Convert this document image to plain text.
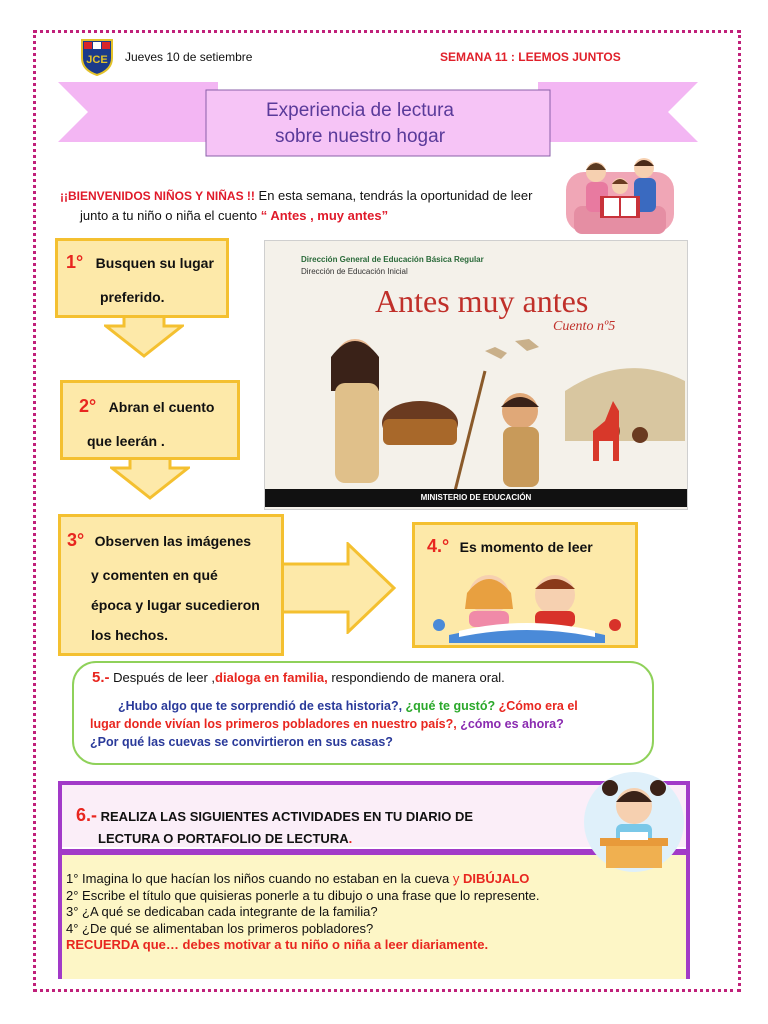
JCE Jueves 10 de setiembre	SEMANA 11 : LEEMOS JUNTOS
Experiencia de lectura
sobre nuestro hogar
¡¡BIENVENIDOS NIÑOS Y NIÑAS !! En esta semana, tendrás la oportunidad de leer
junto a tu niño o niña el cuento “ Antes , muy antes”
1° Busquen su lugar
preferido.
2° Abran el cuento
que leerán .
Dirección General de Educación Básica Regular
Dirección de Educación Inicial
Antes muy antes
Cuento nº5
MINISTERIO DE EDUCACIÓN
3° Observen las imágenes
y comenten en qué
época y lugar sucedieron
los hechos.
4.° Es momento de leer
5.- Después de leer ,dialoga en familia, respondiendo de manera oral.
¿Hubo algo que te sorprendió de esta historia?, ¿qué te gustó? ¿Cómo era el
lugar donde vivían los primeros pobladores en nuestro país?, ¿cómo es ahora?
¿Por qué las cuevas se convirtieron en sus casas?
6.- REALIZA LAS SIGUIENTES ACTIVIDADES EN TU DIARIO DE
LECTURA O PORTAFOLIO DE LECTURA.
1° Imagina lo que hacían los niños cuando no estaban en la cueva y DIBÚJALO
2° Escribe el título que quisieras ponerle a tu dibujo o una frase que lo represente.
3° ¿A qué se dedicaban cada integrante de la familia?
4° ¿De qué se alimentaban los primeros pobladores?
RECUERDA que… debes motivar a tu niño o niña a leer diariamente.
